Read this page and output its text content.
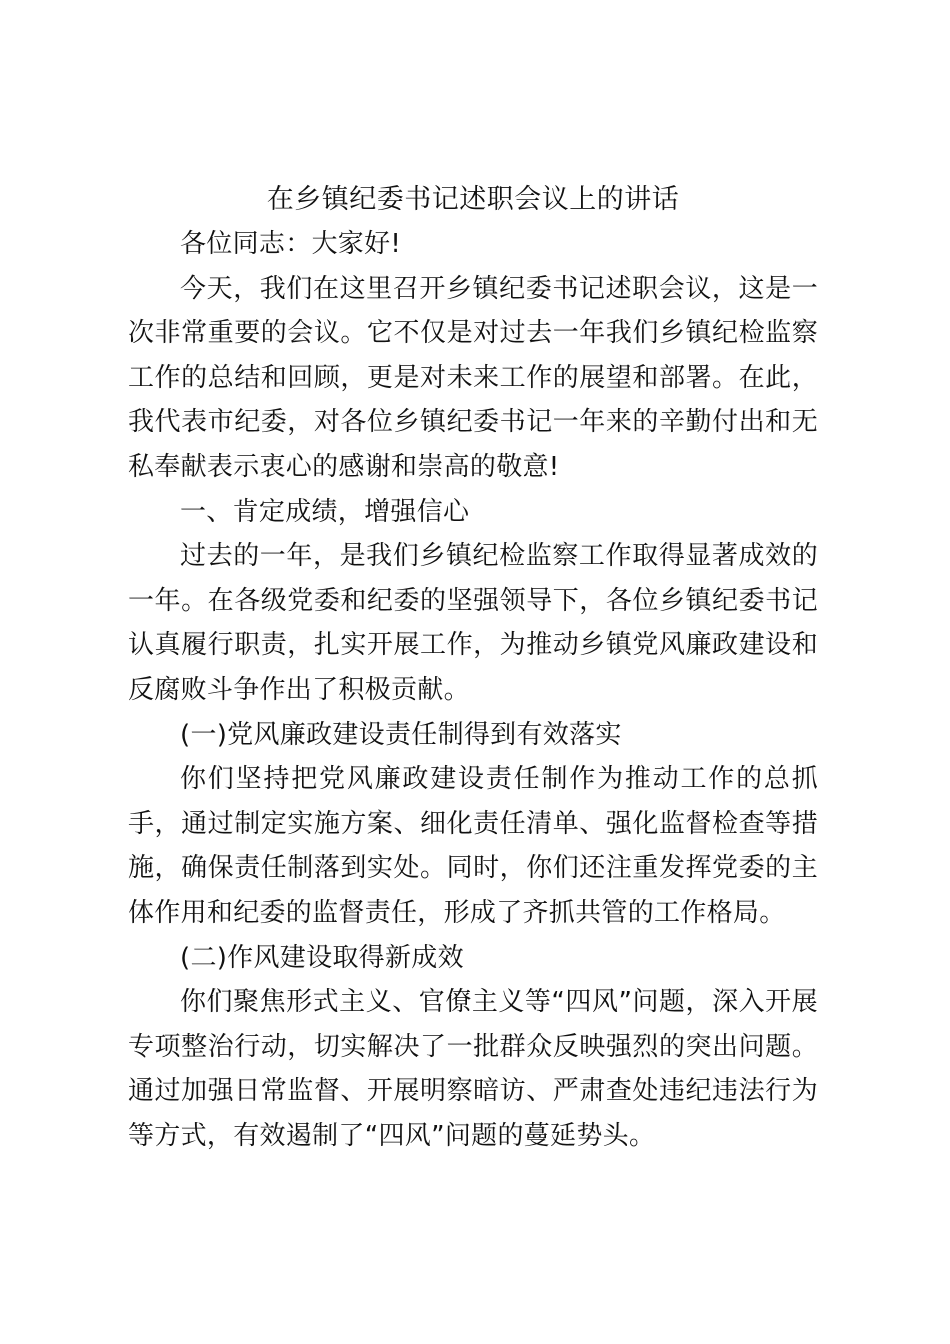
在乡镇纪委书记述职会议上的讲话

各位同志：大家好!

今天，我们在这里召开乡镇纪委书记述职会议，这是一次非常重要的会议。它不仅是对过去一年我们乡镇纪检监察工作的总结和回顾，更是对未来工作的展望和部署。在此，我代表市纪委，对各位乡镇纪委书记一年来的辛勤付出和无私奉献表示衷心的感谢和崇高的敬意!

一、肯定成绩，增强信心

过去的一年，是我们乡镇纪检监察工作取得显著成效的一年。在各级党委和纪委的坚强领导下，各位乡镇纪委书记认真履行职责，扎实开展工作，为推动乡镇党风廉政建设和反腐败斗争作出了积极贡献。

(一)党风廉政建设责任制得到有效落实

你们坚持把党风廉政建设责任制作为推动工作的总抓手，通过制定实施方案、细化责任清单、强化监督检查等措施，确保责任制落到实处。同时，你们还注重发挥党委的主体作用和纪委的监督责任，形成了齐抓共管的工作格局。

(二)作风建设取得新成效

你们聚焦形式主义、官僚主义等“四风”问题，深入开展专项整治行动，切实解决了一批群众反映强烈的突出问题。通过加强日常监督、开展明察暗访、严肃查处违纪违法行为等方式，有效遏制了“四风”问题的蔓延势头。
